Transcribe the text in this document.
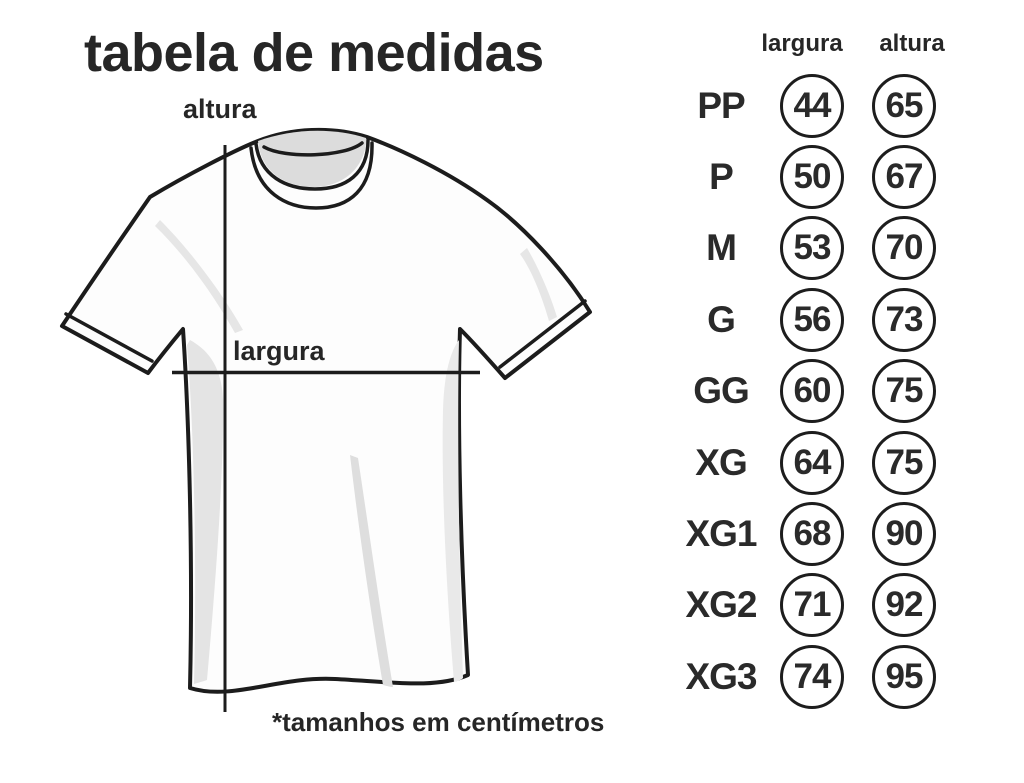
tabela de medidas
altura
largura
*tamanhos em centímetros
largura	altura
PP	44 65
P	50 67
M	53 70
G	56 73
GG	60 75
XG	64 75
XG1 68 90
XG2 71 92
XG3 74 95
